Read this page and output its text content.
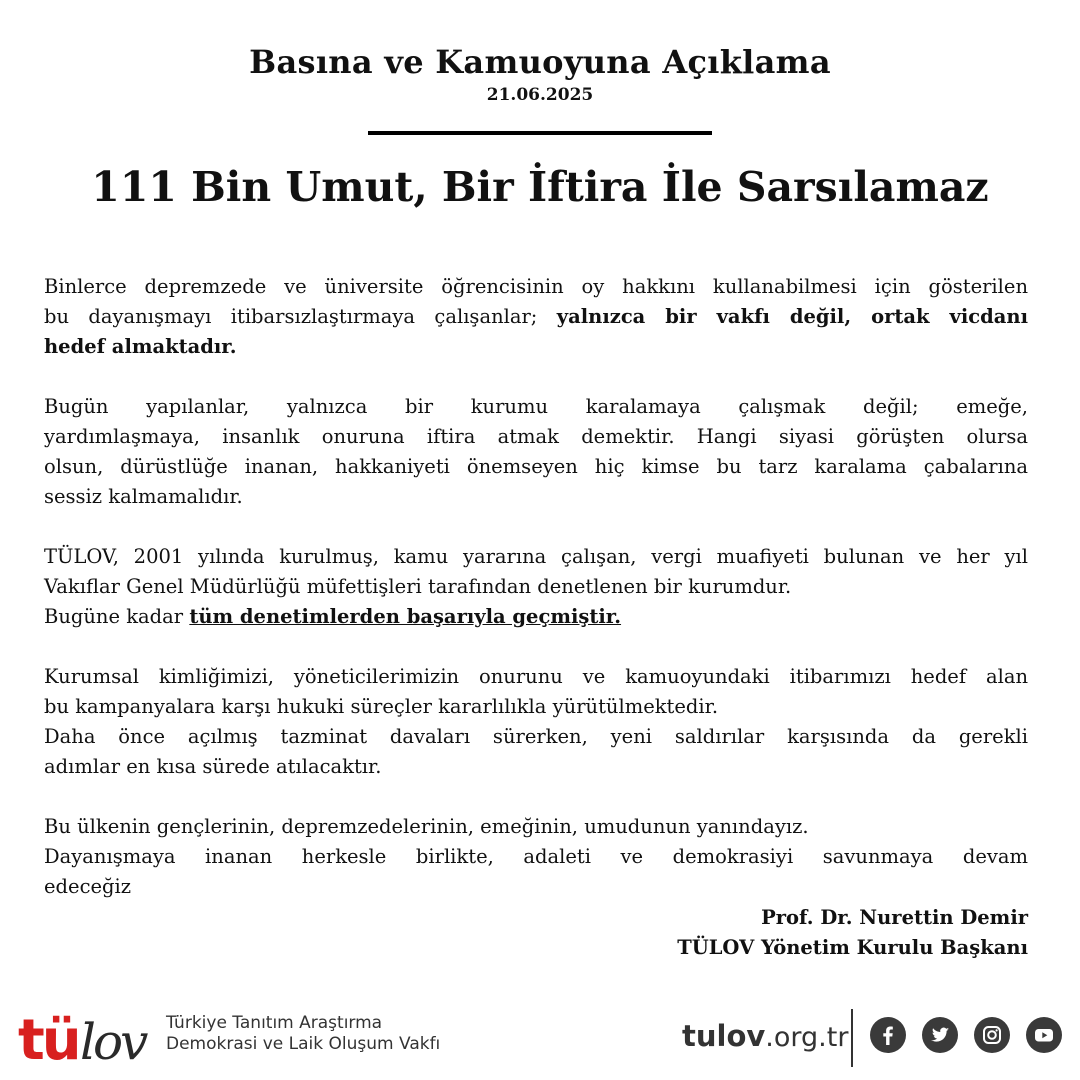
Basına ve Kamuoyuna Açıklama
21.06.2025
111 Bin Umut, Bir İftira İle Sarsılamaz

Binlerce depremzede ve üniversite öğrencisinin oy hakkını kullanabilmesi için gösterilen
bu dayanışmayı itibarsızlaştırmaya çalışanlar; yalnızca bir vakfı değil, ortak vicdanı
hedef almaktadır.

Bugün yapılanlar, yalnızca bir kurumu karalamaya çalışmak değil; emeğe,
yardımlaşmaya, insanlık onuruna iftira atmak demektir. Hangi siyasi görüşten olursa
olsun, dürüstlüğe inanan, hakkaniyeti önemseyen hiç kimse bu tarz karalama çabalarına
sessiz kalmamalıdır.

TÜLOV, 2001 yılında kurulmuş, kamu yararına çalışan, vergi muafiyeti bulunan ve her yıl
Vakıflar Genel Müdürlüğü müfettişleri tarafından denetlenen bir kurumdur.
Bugüne kadar tüm denetimlerden başarıyla geçmiştir.

Kurumsal kimliğimizi, yöneticilerimizin onurunu ve kamuoyundaki itibarımızı hedef alan
bu kampanyalara karşı hukuki süreçler kararlılıkla yürütülmektedir.
Daha önce açılmış tazminat davaları sürerken, yeni saldırılar karşısında da gerekli
adımlar en kısa sürede atılacaktır.

Bu ülkenin gençlerinin, depremzedelerinin, emeğinin, umudunun yanındayız.
Dayanışmaya inanan herkesle birlikte, adaleti ve demokrasiyi savunmaya devam
edeceğiz

Prof. Dr. Nurettin Demir
TÜLOV Yönetim Kurulu Başkanı
tü lov Türkiye Tanıtım Araştırma
Demokrasi ve Laik Oluşum Vakfı	tulov.org.tr
